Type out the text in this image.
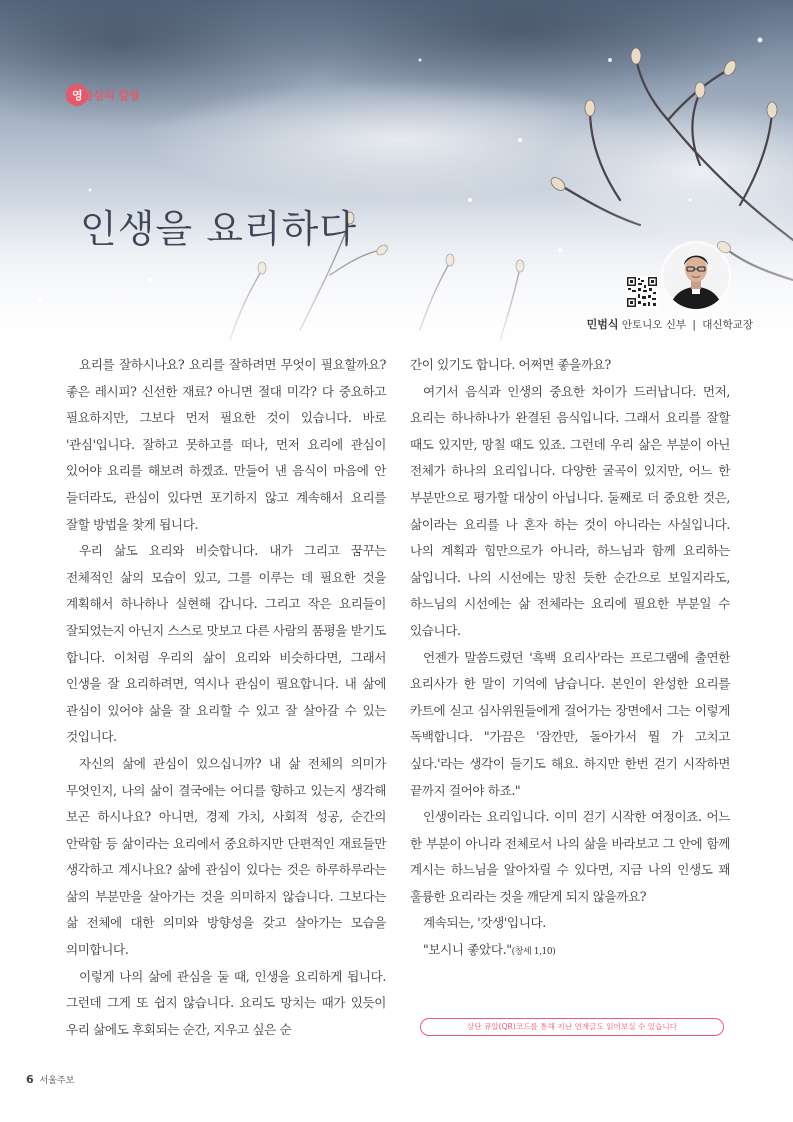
영성심리 칼럼
인생을 요리하다
민범식 안토니오 신부 | 대신학교장

요리를 잘하시나요? 요리를 잘하려면 무엇이 필요할까요? 좋은 레시피? 신선한 재료? 아니면 절대 미각? 다 중요하고 필요하지만, 그보다 먼저 필요한 것이 있습니다. 바로 '관심'입니다. 잘하고 못하고를 떠나, 먼저 요리에 관심이 있어야 요리를 해보려 하겠죠. 만들어 낸 음식이 마음에 안 들더라도, 관심이 있다면 포기하지 않고 계속해서 요리를 잘할 방법을 찾게 됩니다.

우리 삶도 요리와 비슷합니다. 내가 그리고 꿈꾸는 전체적인 삶의 모습이 있고, 그를 이루는 데 필요한 것을 계획해서 하나하나 실현해 갑니다. 그리고 작은 요리들이 잘되었는지 아닌지 스스로 맛보고 다른 사람의 품평을 받기도 합니다. 이처럼 우리의 삶이 요리와 비슷하다면, 그래서 인생을 잘 요리하려면, 역시나 관심이 필요합니다. 내 삶에 관심이 있어야 삶을 잘 요리할 수 있고 잘 살아갈 수 있는 것입니다.

자신의 삶에 관심이 있으십니까? 내 삶 전체의 의미가 무엇인지, 나의 삶이 결국에는 어디를 향하고 있는지 생각해 보곤 하시나요? 아니면, 경제 가치, 사회적 성공, 순간의 안락함 등 삶이라는 요리에서 중요하지만 단편적인 재료들만 생각하고 계시나요? 삶에 관심이 있다는 것은 하루하루라는 삶의 부분만을 살아가는 것을 의미하지 않습니다. 그보다는 삶 전체에 대한 의미와 방향성을 갖고 살아가는 모습을 의미합니다.

이렇게 나의 삶에 관심을 둘 때, 인생을 요리하게 됩니다. 그런데 그게 또 쉽지 않습니다. 요리도 망치는 때가 있듯이 우리 삶에도 후회되는 순간, 지우고 싶은 순

간이 있기도 합니다. 어쩌면 좋을까요?

여기서 음식과 인생의 중요한 차이가 드러납니다. 먼저, 요리는 하나하나가 완결된 음식입니다. 그래서 요리를 잘할 때도 있지만, 망칠 때도 있죠. 그런데 우리 삶은 부분이 아닌 전체가 하나의 요리입니다. 다양한 굴곡이 있지만, 어느 한 부분만으로 평가할 대상이 아닙니다. 둘째로 더 중요한 것은, 삶이라는 요리를 나 혼자 하는 것이 아니라는 사실입니다. 나의 계획과 힘만으로가 아니라, 하느님과 함께 요리하는 삶입니다. 나의 시선에는 망친 듯한 순간으로 보일지라도, 하느님의 시선에는 삶 전체라는 요리에 필요한 부분일 수 있습니다.

언젠가 말씀드렸던 '흑백 요리사'라는 프로그램에 출연한 요리사가 한 말이 기억에 남습니다. 본인이 완성한 요리를 카트에 싣고 심사위원들에게 걸어가는 장면에서 그는 이렇게 독백합니다. "가끔은 '잠깐만, 돌아가서 뭘 가 고치고 싶다.'라는 생각이 들기도 해요. 하지만 한번 걷기 시작하면 끝까지 걸어야 하죠."

인생이라는 요리입니다. 이미 걷기 시작한 여정이죠. 어느 한 부분이 아니라 전체로서 나의 삶을 바라보고 그 안에 함께 계시는 하느님을 알아차릴 수 있다면, 지금 나의 인생도 꽤 훌륭한 요리라는 것을 깨닫게 되지 않을까요?

계속되는, '갓생'입니다.

"보시니 좋았다."(창세 1,10)

상단 큐알(QR)코드를 통해 지난 연재글도 읽어보실 수 있습니다
6 서울주보
